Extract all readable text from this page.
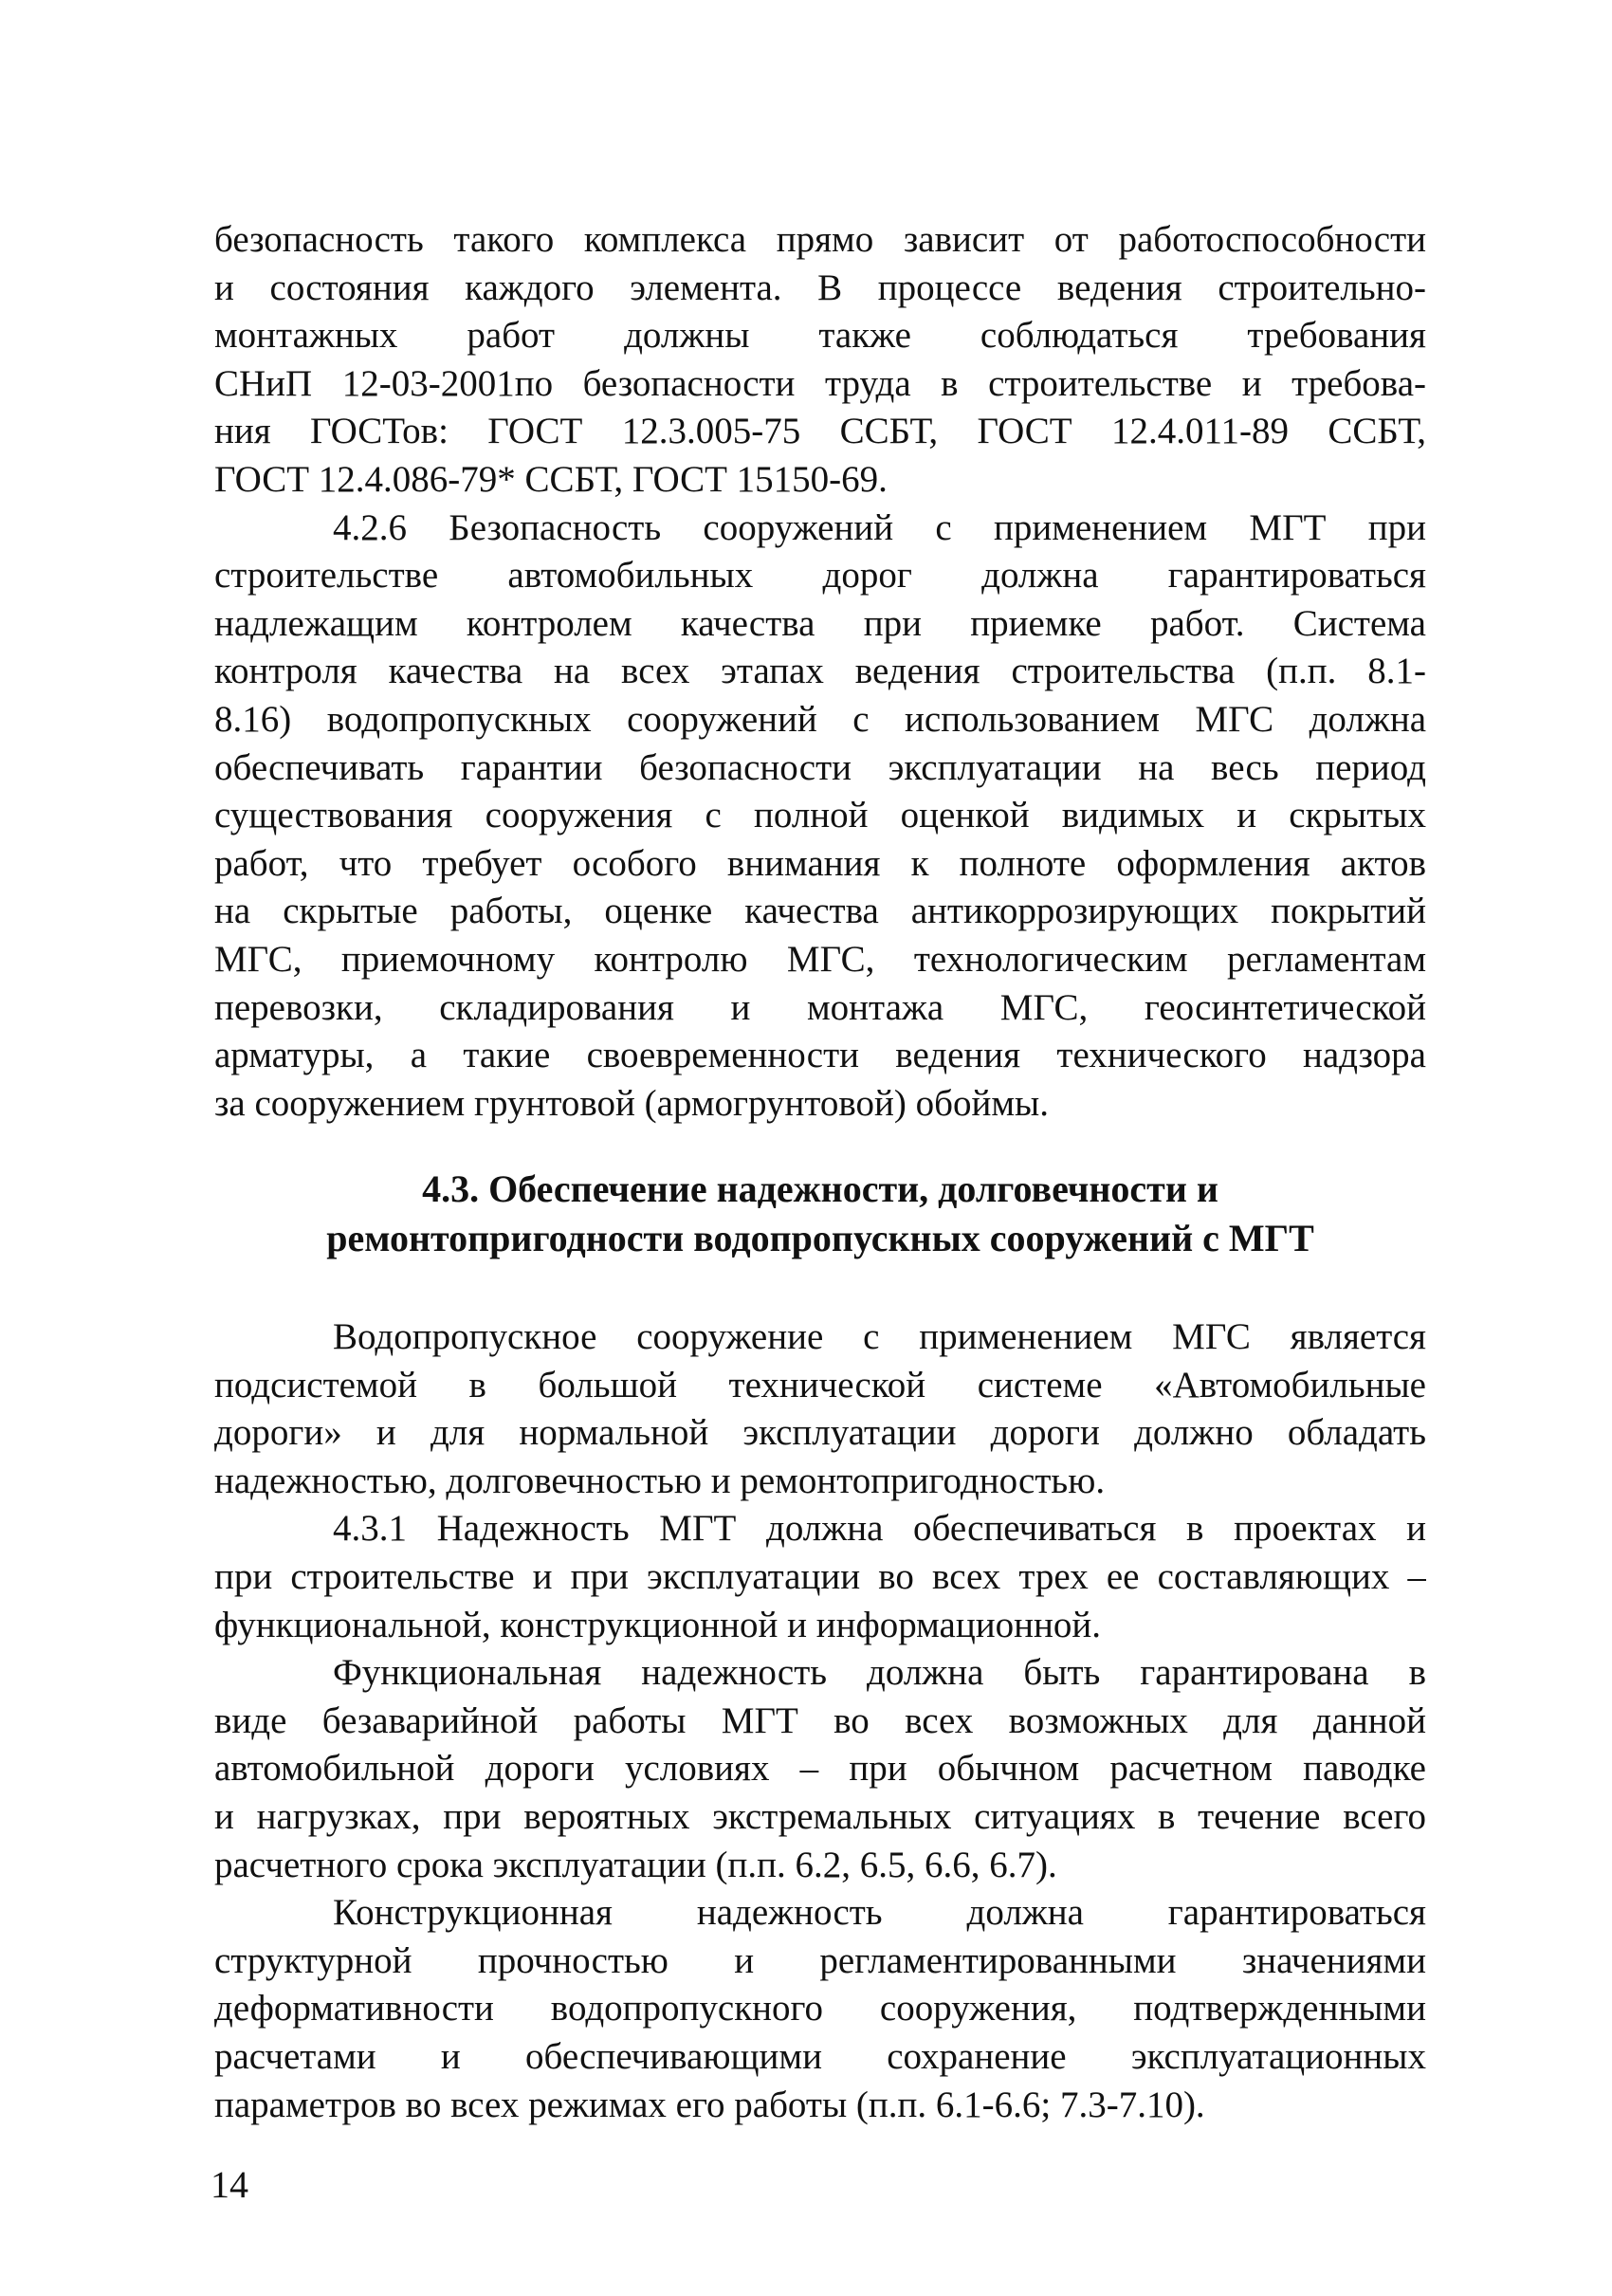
безопасность такого комплекса прямо зависит от работоспособности
и состояния каждого элемента. В процессе ведения строительно-
монтажных работ должны также соблюдаться требования
СНиП 12-03-2001по безопасности труда в строительстве и требова-
ния ГОСТов: ГОСТ 12.3.005-75 ССБТ, ГОСТ 12.4.011-89 ССБТ,
ГОСТ 12.4.086-79* ССБТ, ГОСТ 15150-69.
4.2.6 Безопасность сооружений с применением МГТ при
строительстве автомобильных дорог должна гарантироваться
надлежащим контролем качества при приемке работ. Система
контроля качества на всех этапах ведения строительства (п.п. 8.1-
8.16) водопропускных сооружений с использованием МГС должна
обеспечивать гарантии безопасности эксплуатации на весь период
существования сооружения с полной оценкой видимых и скрытых
работ, что требует особого внимания к полноте оформления актов
на скрытые работы, оценке качества антикоррозирующих покрытий
МГС, приемочному контролю МГС, технологическим регламентам
перевозки, складирования и монтажа МГС, геосинтетической
арматуры, а такие своевременности ведения технического надзора
за сооружением грунтовой (армогрунтовой) обоймы.
4.3. Обеспечение надежности, долговечности и
ремонтопригодности водопропускных сооружений с МГТ
Водопропускное сооружение с применением МГС является
подсистемой в большой технической системе «Автомобильные
дороги» и для нормальной эксплуатации дороги должно обладать
надежностью, долговечностью и ремонтопригодностью.
4.3.1 Надежность МГТ должна обеспечиваться в проектах и
при строительстве и при эксплуатации во всех трех ее составляющих –
функциональной, конструкционной и информационной.
Функциональная надежность должна быть гарантирована в
виде безаварийной работы МГТ во всех возможных для данной
автомобильной дороги условиях – при обычном расчетном паводке
и нагрузках, при вероятных экстремальных ситуациях в течение всего
расчетного срока эксплуатации (п.п. 6.2, 6.5, 6.6, 6.7).
Конструкционная надежность должна гарантироваться
структурной прочностью и регламентированными значениями
деформативности водопропускного сооружения, подтвержденными
расчетами и обеспечивающими сохранение эксплуатационных
параметров во всех режимах его работы (п.п. 6.1-6.6; 7.3-7.10).
14
